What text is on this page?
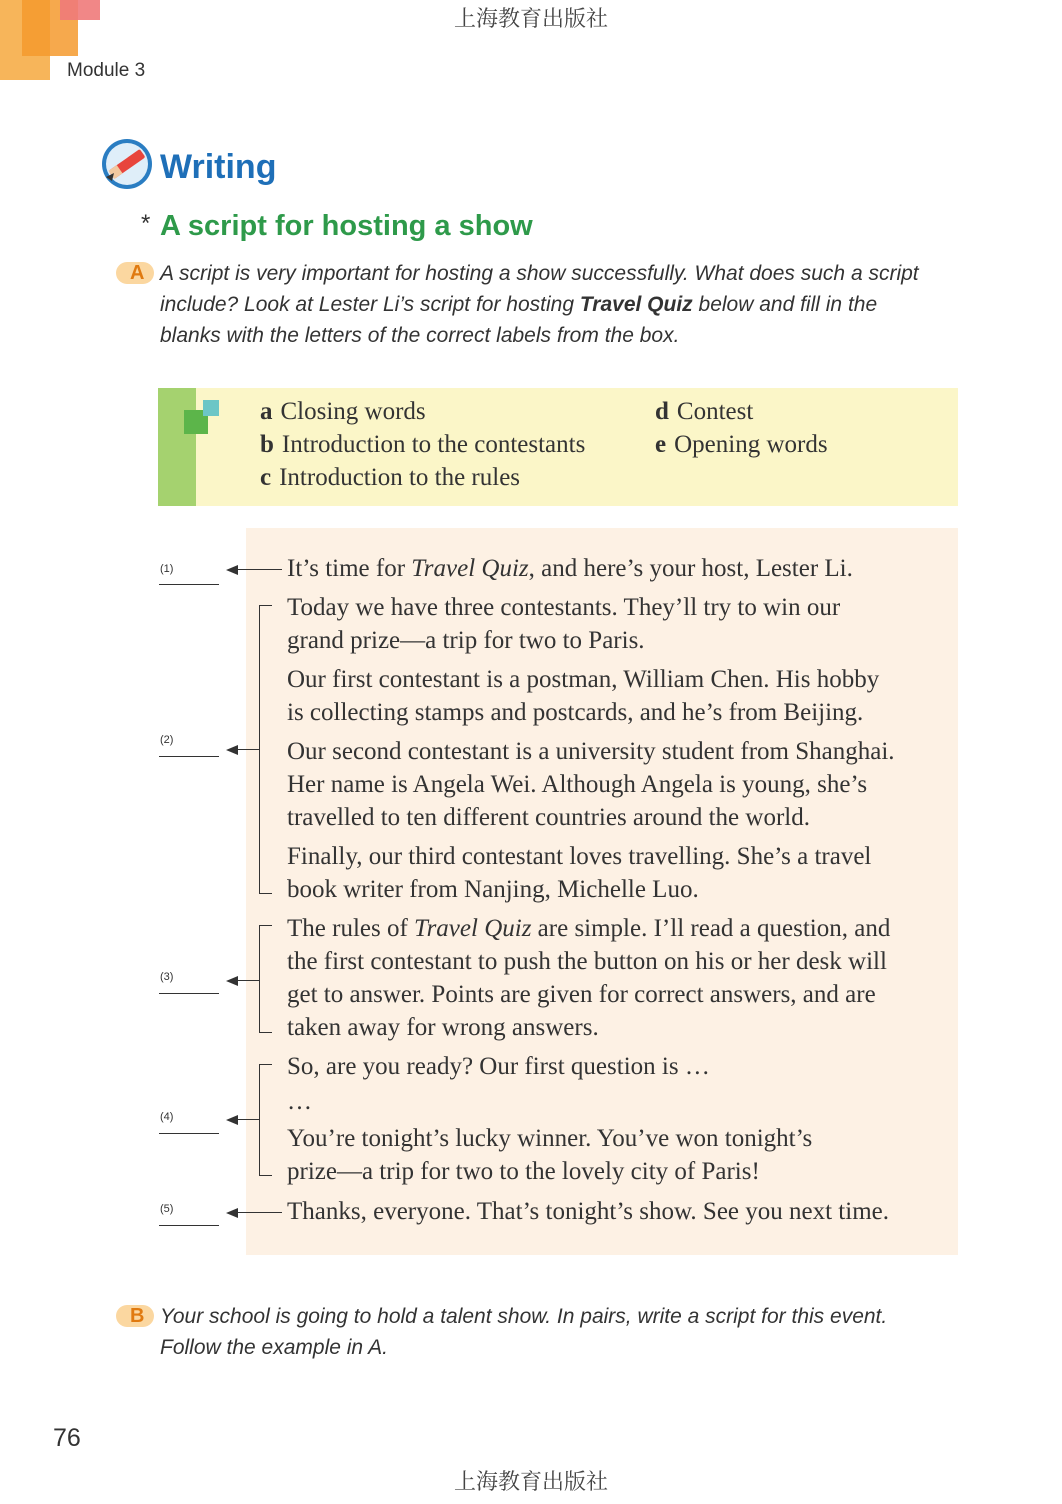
上海教育出版社
Module 3
Writing
* A script for hosting a show
A A script is very important for hosting a show successfully. What does such a script
include? Look at Lester Li’s script for hosting Travel Quiz below and fill in the
blanks with the letters of the correct labels from the box.
a Closing words
b Introduction to the contestants
c Introduction to the rules
d Contest
e Opening words
(1)
(2)
(3)
(4)
(5)
It’s time for Travel Quiz, and here’s your host, Lester Li.
Today we have three contestants. They’ll try to win our
grand prize—a trip for two to Paris.
Our first contestant is a postman, William Chen. His hobby
is collecting stamps and postcards, and he’s from Beijing.
Our second contestant is a university student from Shanghai.
Her name is Angela Wei. Although Angela is young, she’s
travelled to ten different countries around the world.
Finally, our third contestant loves travelling. She’s a travel
book writer from Nanjing, Michelle Luo.
The rules of Travel Quiz are simple. I’ll read a question, and
the first contestant to push the button on his or her desk will
get to answer. Points are given for correct answers, and are
taken away for wrong answers.
So, are you ready? Our first question is …
…
You’re tonight’s lucky winner. You’ve won tonight’s
prize—a trip for two to the lovely city of Paris!
Thanks, everyone. That’s tonight’s show. See you next time.
B Your school is going to hold a talent show. In pairs, write a script for this event.
Follow the example in A.
76
上海教育出版社
